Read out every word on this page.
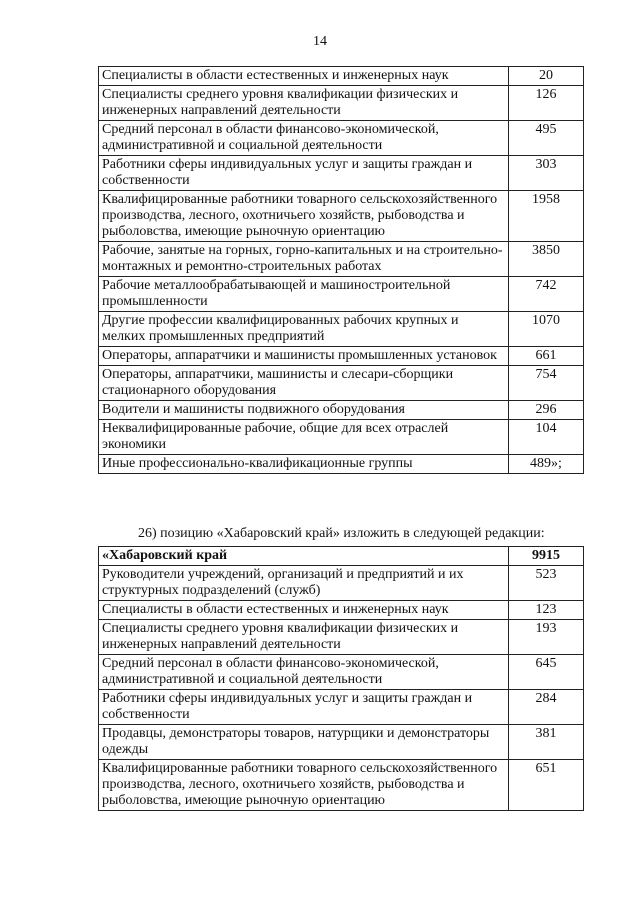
14
Специалисты в области естественных и инженерных наук	20
Специалисты среднего уровня квалификации физических и инженерных направлений деятельности	126
Средний персонал в области финансово-экономической, административной и социальной деятельности	495
Работники сферы индивидуальных услуг и защиты граждан и собственности	303
Квалифицированные работники товарного сельскохозяйственного производства, лесного, охотничьего хозяйств, рыбоводства и рыболовства, имеющие рыночную ориентацию	1958
Рабочие, занятые на горных, горно-капитальных и на строительно-монтажных и ремонтно-строительных работах	3850
Рабочие металлообрабатывающей и машиностроительной промышленности	742
Другие профессии квалифицированных рабочих крупных и мелких промышленных предприятий	1070
Операторы, аппаратчики и машинисты промышленных установок	661
Операторы, аппаратчики, машинисты и слесари-сборщики стационарного оборудования	754
Водители и машинисты подвижного оборудования	296
Неквалифицированные рабочие, общие для всех отраслей экономики	104
Иные профессионально-квалификационные группы	489»;
26) позицию «Хабаровский край» изложить в следующей редакции:
«Хабаровский край	9915
Руководители учреждений, организаций и предприятий и их структурных подразделений (служб)	523
Специалисты в области естественных и инженерных наук	123
Специалисты среднего уровня квалификации физических и инженерных направлений деятельности	193
Средний персонал в области финансово-экономической, административной и социальной деятельности	645
Работники сферы индивидуальных услуг и защиты граждан и собственности	284
Продавцы, демонстраторы товаров, натурщики и демонстраторы одежды	381
Квалифицированные работники товарного сельскохозяйственного производства, лесного, охотничьего хозяйств, рыбоводства и рыболовства, имеющие рыночную ориентацию	651
